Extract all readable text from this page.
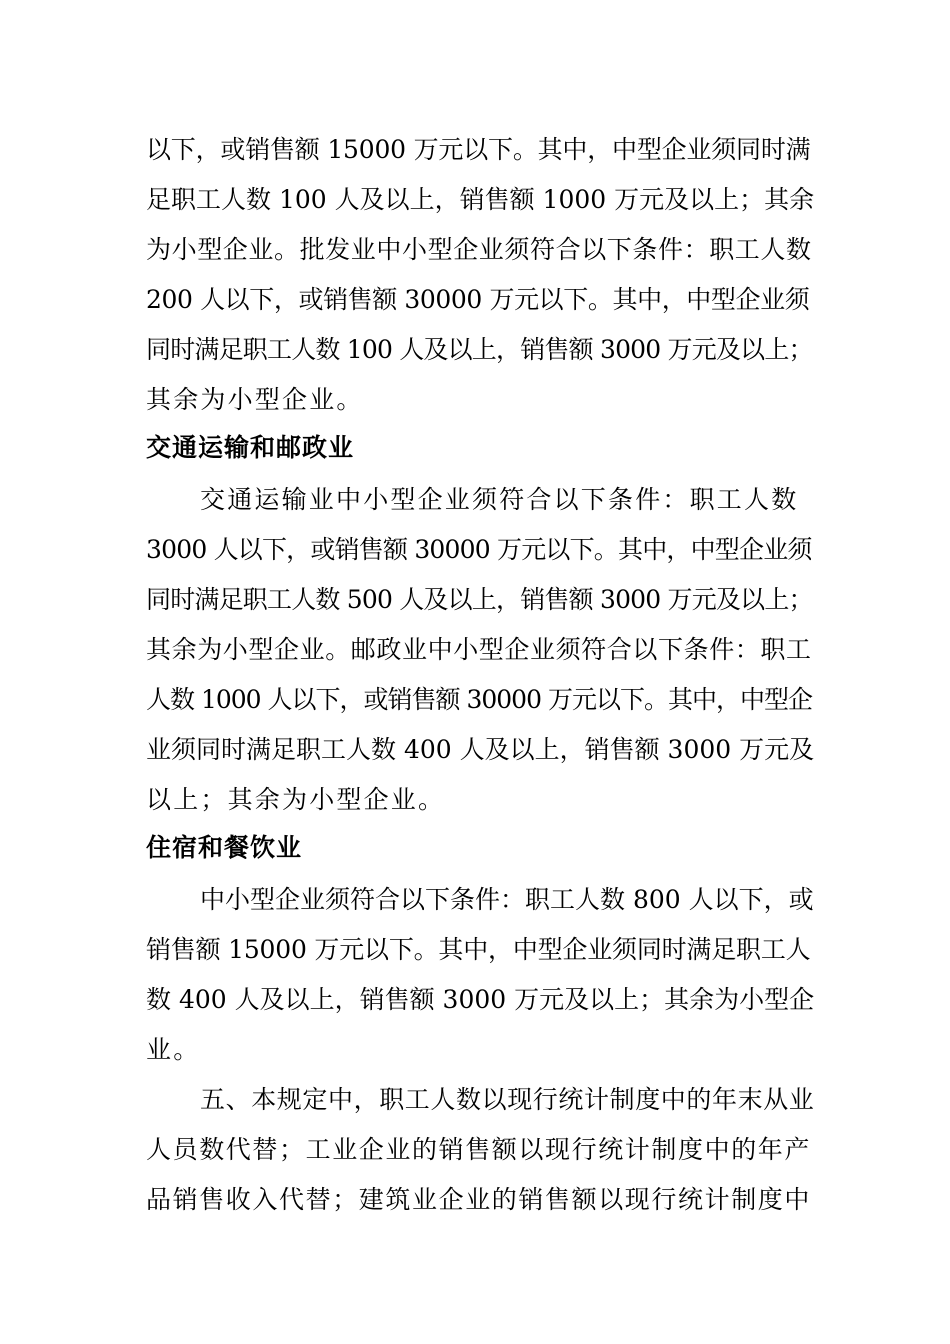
以下，或销售额 15000 万元以下。其中，中型企业须同时满
足职工人数 100 人及以上，销售额 1000 万元及以上；其余
为小型企业。批发业中小型企业须符合以下条件：职工人数
200 人以下，或销售额 30000 万元以下。其中，中型企业须
同时满足职工人数 100 人及以上，销售额 3000 万元及以上；
其余为小型企业。
交通运输和邮政业
交通运输业中小型企业须符合以下条件：职工人数
3000 人以下，或销售额 30000 万元以下。其中，中型企业须
同时满足职工人数 500 人及以上，销售额 3000 万元及以上；
其余为小型企业。邮政业中小型企业须符合以下条件：职工
人数 1000 人以下，或销售额 30000 万元以下。其中，中型企
业须同时满足职工人数 400 人及以上，销售额 3000 万元及
以上；其余为小型企业。
住宿和餐饮业
中小型企业须符合以下条件：职工人数 800 人以下，或
销售额 15000 万元以下。其中，中型企业须同时满足职工人
数 400 人及以上，销售额 3000 万元及以上；其余为小型企
业。
五、本规定中，职工人数以现行统计制度中的年末从业
人员数代替；工业企业的销售额以现行统计制度中的年产
品销售收入代替；建筑业企业的销售额以现行统计制度中
